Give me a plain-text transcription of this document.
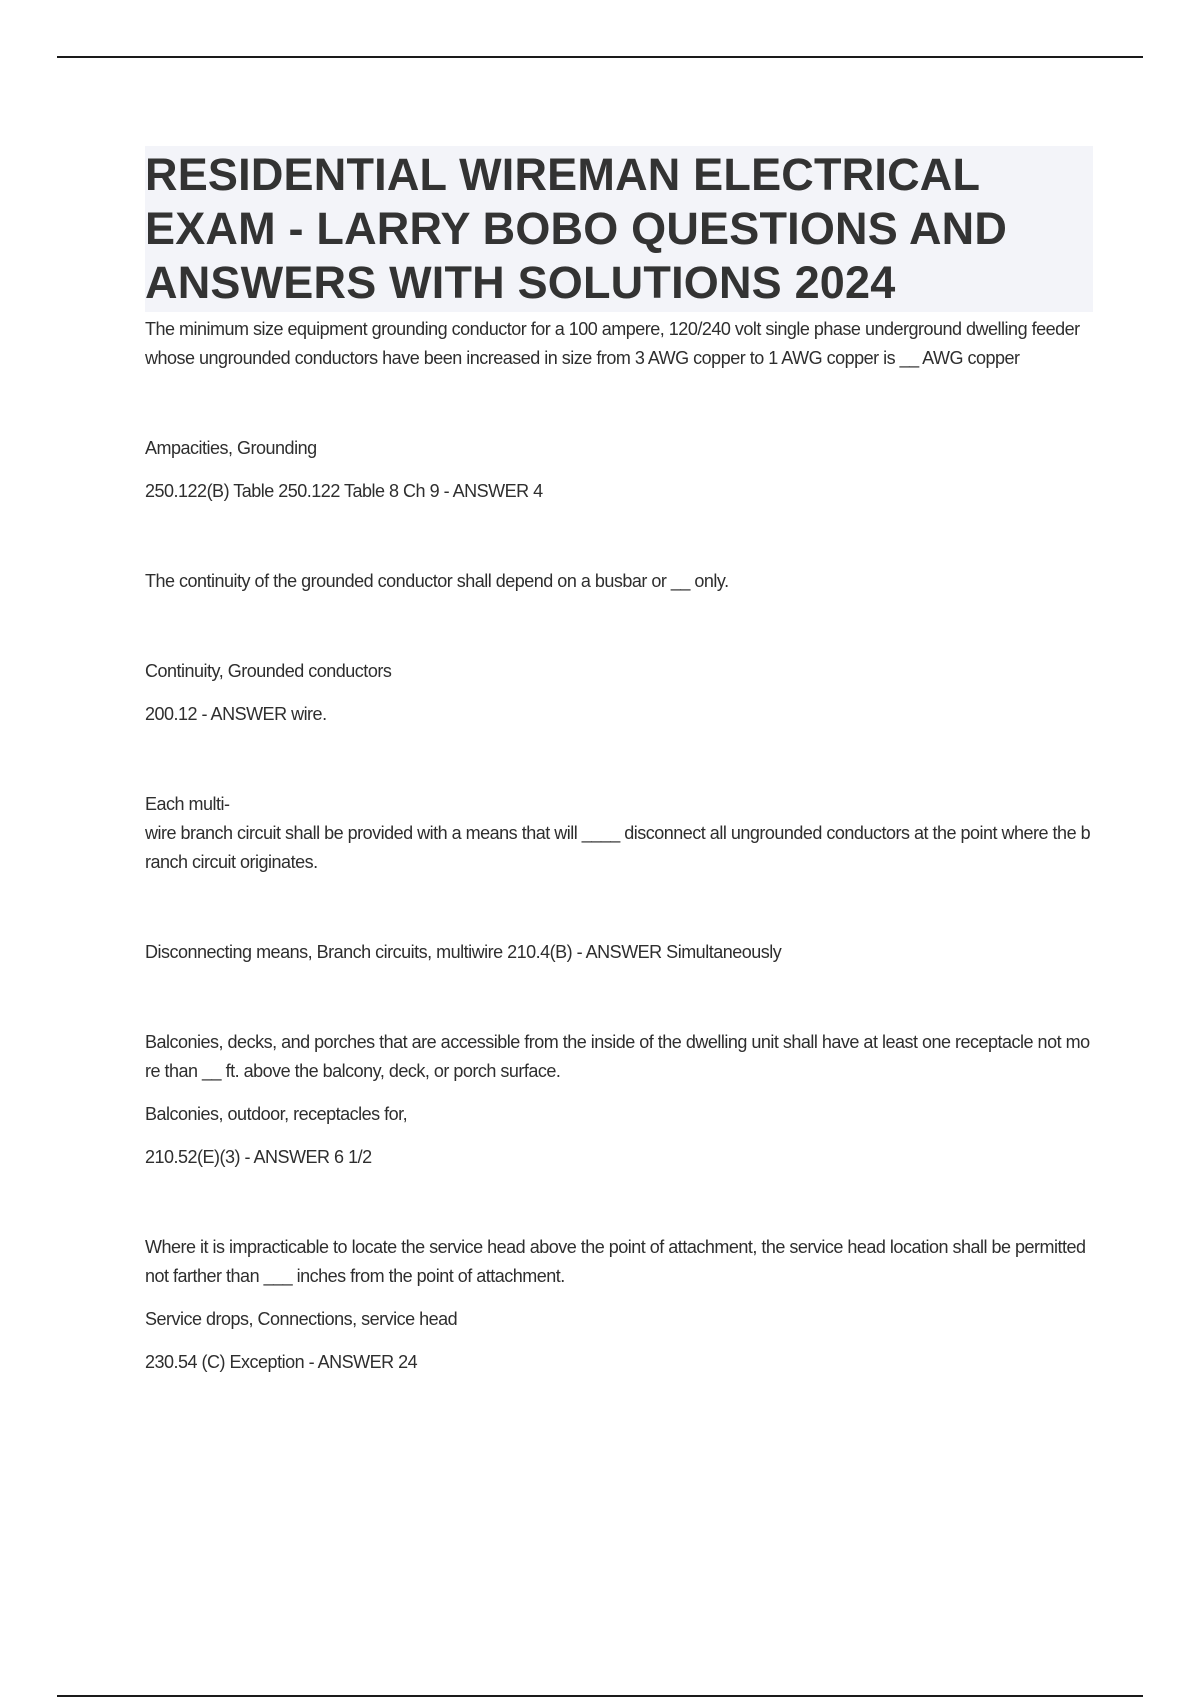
RESIDENTIAL WIREMAN ELECTRICAL EXAM - LARRY BOBO QUESTIONS AND ANSWERS WITH SOLUTIONS 2024

The minimum size equipment grounding conductor for a 100 ampere, 120/240 volt single phase underground dwelling feeder whose ungrounded conductors have been increased in size from 3 AWG copper to 1 AWG copper is __ AWG copper

Ampacities, Grounding

250.122(B) Table 250.122 Table 8 Ch 9 - ANSWER 4

The continuity of the grounded conductor shall depend on a busbar or __ only.

Continuity, Grounded conductors

200.12 - ANSWER wire.

Each multi-

wire branch circuit shall be provided with a means that will ____ disconnect all ungrounded conductors at the point where the branch circuit originates.

Disconnecting means, Branch circuits, multiwire 210.4(B) - ANSWER Simultaneously

Balconies, decks, and porches that are accessible from the inside of the dwelling unit shall have at least one receptacle not more than __ ft. above the balcony, deck, or porch surface.

Balconies, outdoor, receptacles for,

210.52(E)(3) - ANSWER 6 1/2

Where it is impracticable to locate the service head above the point of attachment, the service head location shall be permitted not farther than ___ inches from the point of attachment.

Service drops, Connections, service head

230.54 (C) Exception - ANSWER 24
